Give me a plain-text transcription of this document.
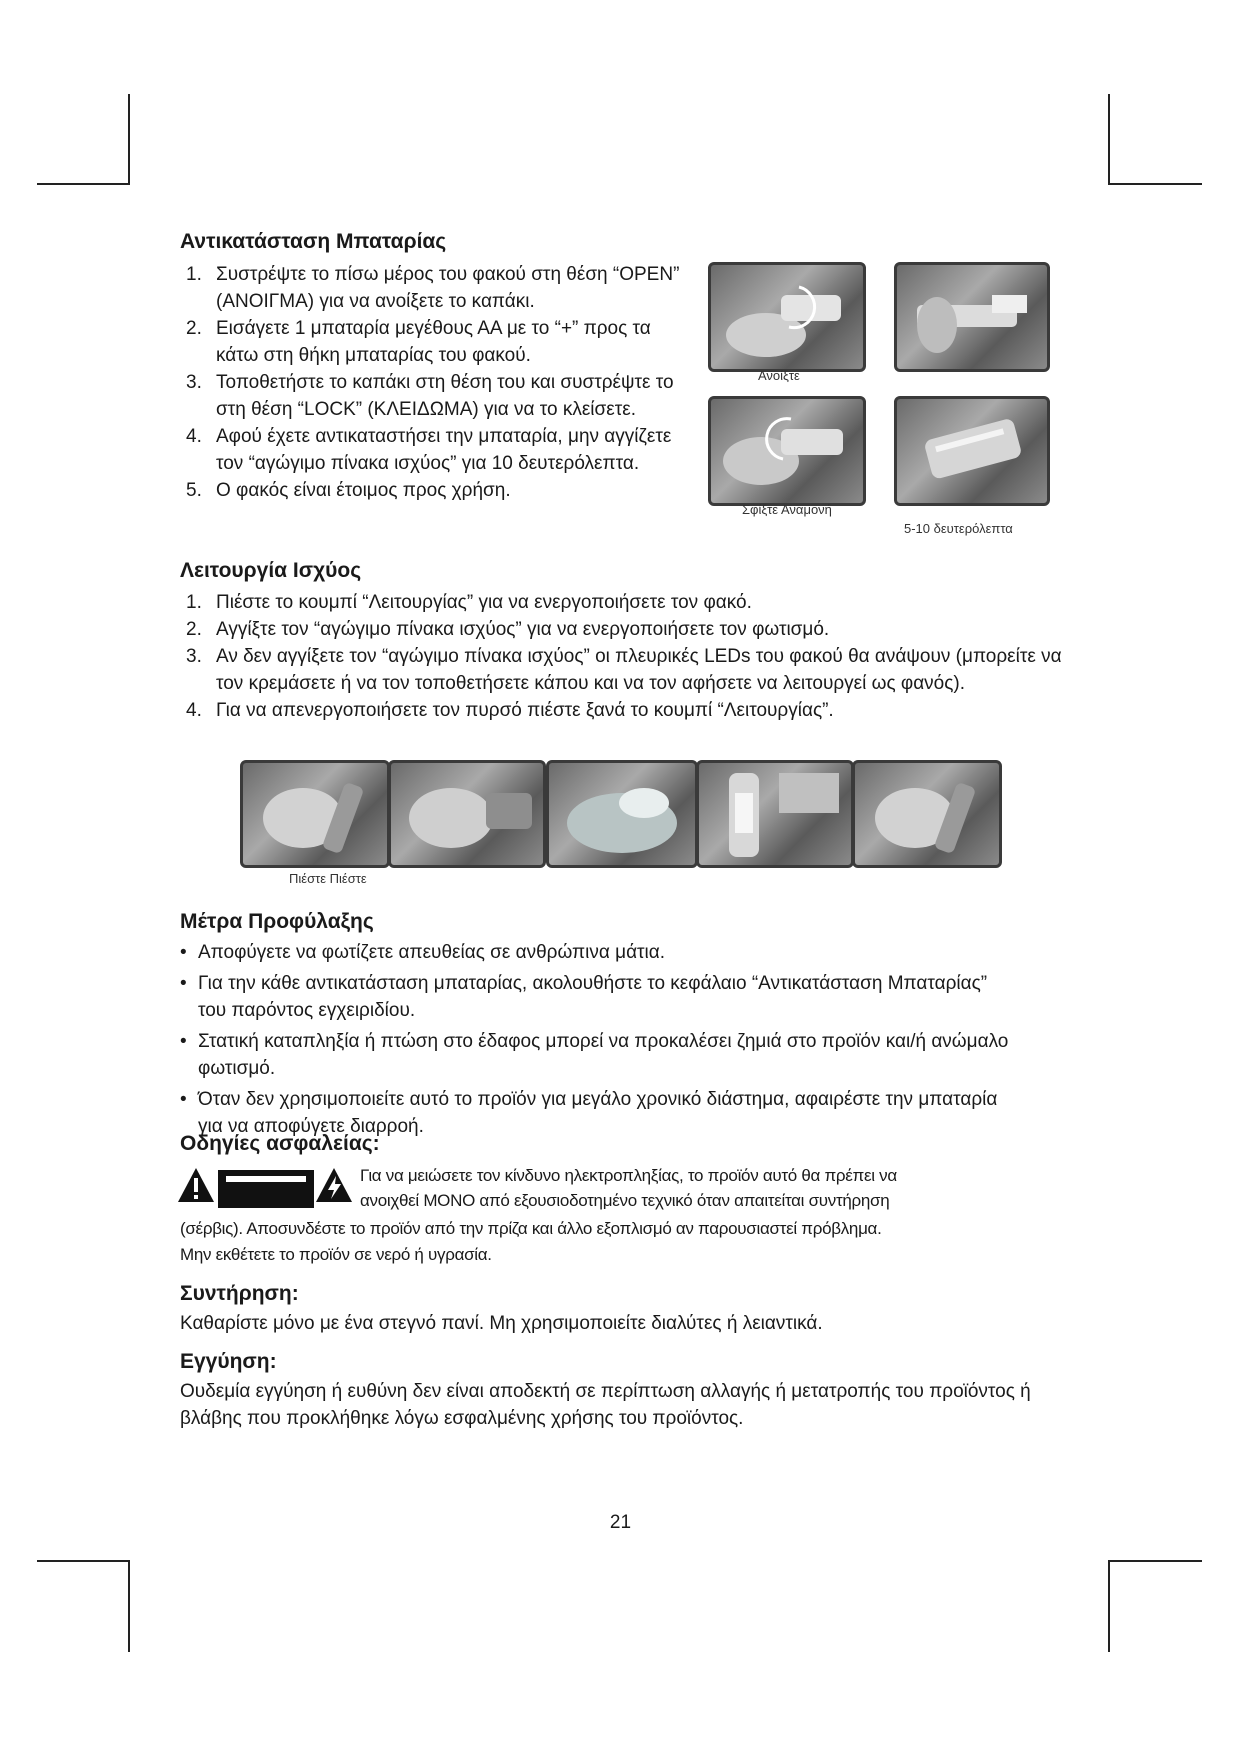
Αντικατάσταση Μπαταρίας
1. Συστρέψτε το πίσω μέρος του φακού στη θέση “OPEN” (ΑΝΟΙΓΜΑ) για να ανοίξετε το καπάκι.
2. Εισάγετε 1 μπαταρία μεγέθους ΑΑ με το “+” προς τα κάτω στη θήκη μπαταρίας του φακού.
3. Τοποθετήστε το καπάκι στη θέση του και συστρέψτε το στη θέση “LOCK” (ΚΛΕΙΔΩΜΑ) για να το κλείσετε.
4. Αφού έχετε αντικαταστήσει την μπαταρία, μην αγγίζετε τον “αγώγιμο πίνακα ισχύος” για 10 δευτερόλεπτα.
5. Ο φακός είναι έτοιμος προς χρήση.
Ανοίξτε
Σφίξτε Αναμονή
5-10 δευτερόλεπτα
Λειτουργία Ισχύος
1. Πιέστε το κουμπί “Λειτουργίας” για να ενεργοποιήσετε τον φακό.
2. Αγγίξτε τον “αγώγιμο πίνακα ισχύος” για να ενεργοποιήσετε τον φωτισμό.
3. Αν δεν αγγίξετε τον “αγώγιμο πίνακα ισχύος” οι πλευρικές LEDs του φακού θα ανάψουν (μπορείτε να τον κρεμάσετε ή να τον τοποθετήσετε κάπου και να τον αφήσετε να λειτουργεί ως φανός).
4. Για να απενεργοποιήσετε τον πυρσό πιέστε ξανά το κουμπί “Λειτουργίας”.
Πιέστε Πιέστε
Μέτρα Προφύλαξης
• Αποφύγετε να φωτίζετε απευθείας σε ανθρώπινα μάτια.
• Για την κάθε αντικατάσταση μπαταρίας, ακολουθήστε το κεφάλαιο “Αντικατάσταση Μπαταρίας” του παρόντος εγχειριδίου.
• Στατική καταπληξία ή πτώση στο έδαφος μπορεί να προκαλέσει ζημιά στο προϊόν και/ή ανώμαλο φωτισμό.
• Όταν δεν χρησιμοποιείτε αυτό το προϊόν για μεγάλο χρονικό διάστημα, αφαιρέστε την μπαταρία για να αποφύγετε διαρροή.
Οδηγίες ασφαλείας:
Για να μειώσετε τον κίνδυνο ηλεκτροπληξίας, το προϊόν αυτό θα πρέπει να
ανοιχθεί ΜΟΝΟ από εξουσιοδοτημένο τεχνικό όταν απαιτείται συντήρηση
(σέρβις). Αποσυνδέστε το προϊόν από την πρίζα και άλλο εξοπλισμό αν παρουσιαστεί πρόβλημα.
Μην εκθέτετε το προϊόν σε νερό ή υγρασία.
Συντήρηση:

Καθαρίστε μόνο με ένα στεγνό πανί. Μη χρησιμοποιείτε διαλύτες ή λειαντικά.

Εγγύηση:

Ουδεμία εγγύηση ή ευθύνη δεν είναι αποδεκτή σε περίπτωση αλλαγής ή μετατροπής του προϊόντος ή βλάβης που προκλήθηκε λόγω εσφαλμένης χρήσης του προϊόντος.

21
